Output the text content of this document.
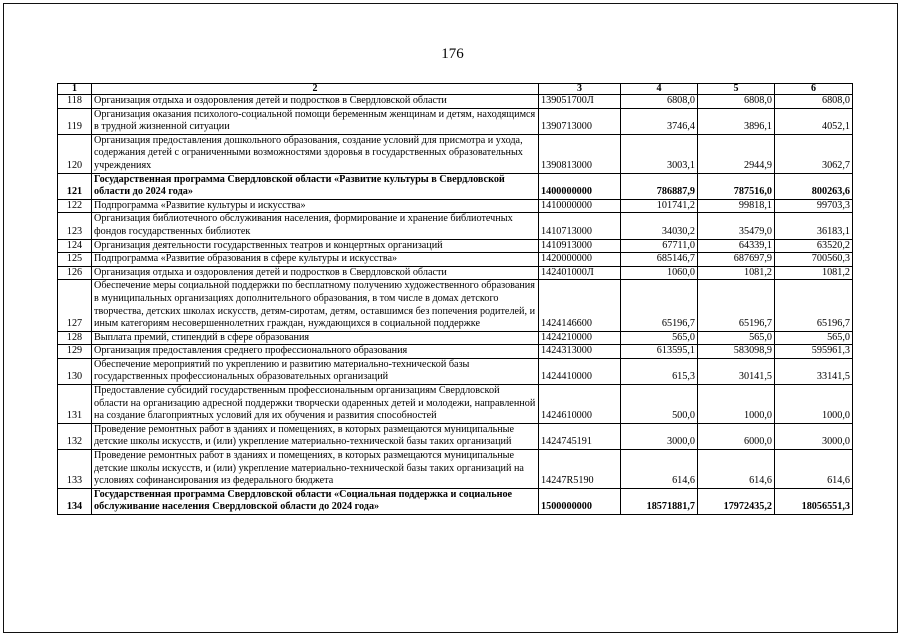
176
1	2	3	4	5	6
118	Организация отдыха и оздоровления детей и подростков в Свердловской области	139051700Л	6808,0	6808,0	6808,0
119	Организация оказания психолого-социальной помощи беременным женщинам и детям, находящимся в трудной жизненной ситуации	1390713000	3746,4	3896,1	4052,1
120	Организация предоставления дошкольного образования, создание условий для присмотра и ухода, содержания детей с ограниченными возможностями здоровья в государственных образовательных учреждениях	1390813000	3003,1	2944,9	3062,7
121	Государственная программа Свердловской области «Развитие культуры в Свердловской области до 2024 года»	1400000000	786887,9	787516,0	800263,6
122	Подпрограмма «Развитие культуры и искусства»	1410000000	101741,2	99818,1	99703,3
123	Организация библиотечного обслуживания населения, формирование и хранение библиотечных фондов государственных библиотек	1410713000	34030,2	35479,0	36183,1
124	Организация деятельности государственных театров и концертных организаций	1410913000	67711,0	64339,1	63520,2
125	Подпрограмма «Развитие образования в сфере культуры и искусства»	1420000000	685146,7	687697,9	700560,3
126	Организация отдыха и оздоровления детей и подростков в Свердловской области	142401000Л	1060,0	1081,2	1081,2
127	Обеспечение меры социальной поддержки по бесплатному получению художественного образования в муниципальных организациях дополнительного образования, в том числе в домах детского творчества, детских школах искусств, детям-сиротам, детям, оставшимся без попечения родителей, и иным категориям несовершеннолетних граждан, нуждающихся в социальной поддержке	1424146600	65196,7	65196,7	65196,7
128	Выплата премий, стипендий в сфере образования	1424210000	565,0	565,0	565,0
129	Организация предоставления среднего профессионального образования	1424313000	613595,1	583098,9	595961,3
130	Обеспечение мероприятий по укреплению и развитию материально-технической базы государственных профессиональных образовательных организаций	1424410000	615,3	30141,5	33141,5
131	Предоставление субсидий государственным профессиональным организациям Свердловской области на организацию адресной поддержки творчески одаренных детей и молодежи, направленной на создание благоприятных условий для их обучения и развития способностей	1424610000	500,0	1000,0	1000,0
132	Проведение ремонтных работ в зданиях и помещениях, в которых размещаются муниципальные детские школы искусств, и (или) укрепление материально-технической базы таких организаций	1424745191	3000,0	6000,0	3000,0
133	Проведение ремонтных работ в зданиях и помещениях, в которых размещаются муниципальные детские школы искусств, и (или) укрепление материально-технической базы таких организаций на условиях софинансирования из федерального бюджета	14247R5190	614,6	614,6	614,6
134	Государственная программа Свердловской области «Социальная поддержка и социальное обслуживание населения Свердловской области до 2024 года»	1500000000	18571881,7	17972435,2	18056551,3
